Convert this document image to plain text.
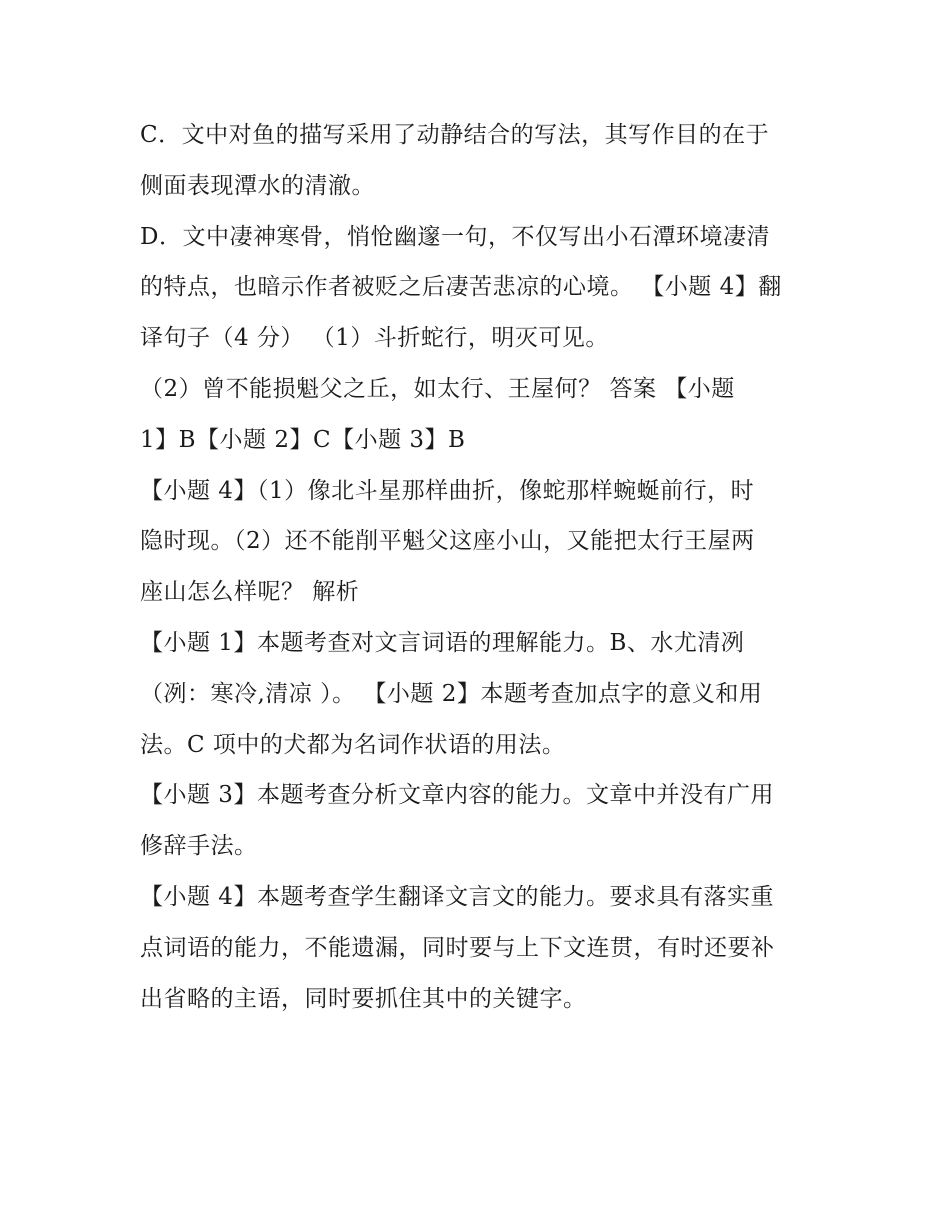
C．文中对鱼的描写采用了动静结合的写法，其写作目的在于
侧面表现潭水的清澈。
D．文中凄神寒骨，悄怆幽邃一句，不仅写出小石潭环境凄清
的特点，也暗示作者被贬之后凄苦悲凉的心境。 【小题 4】翻
译句子（4 分） （1）斗折蛇行，明灭可见。
（2）曾不能损魁父之丘，如太行、王屋何？ 答案 【小题
1】B【小题 2】C【小题 3】B
【小题 4】（1）像北斗星那样曲折，像蛇那样蜿蜒前行，时
隐时现。（2）还不能削平魁父这座小山，又能把太行王屋两
座山怎么样呢？ 解析
【小题 1】本题考查对文言词语的理解能力。B、水尤清冽
（冽：寒冷,清凉 ）。 【小题 2】本题考查加点字的意义和用
法。C 项中的犬都为名词作状语的用法。
【小题 3】本题考查分析文章内容的能力。文章中并没有广用
修辞手法。
【小题 4】本题考查学生翻译文言文的能力。要求具有落实重
点词语的能力，不能遗漏，同时要与上下文连贯，有时还要补
出省略的主语，同时要抓住其中的关键字。
